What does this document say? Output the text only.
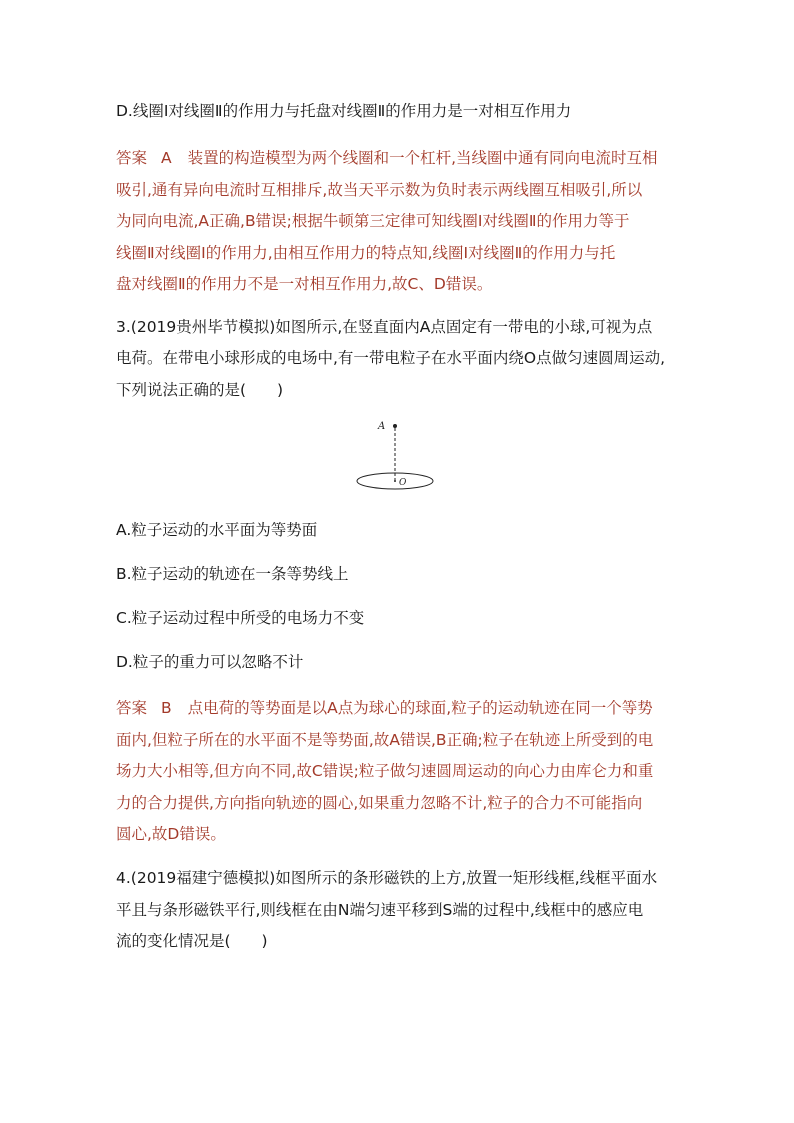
D.线圈Ⅰ对线圈Ⅱ的作用力与托盘对线圈Ⅱ的作用力是一对相互作用力
答案 A 装置的构造模型为两个线圈和一个杠杆,当线圈中通有同向电流时互相
吸引,通有异向电流时互相排斥,故当天平示数为负时表示两线圈互相吸引,所以
为同向电流,A正确,B错误;根据牛顿第三定律可知线圈Ⅰ对线圈Ⅱ的作用力等于
线圈Ⅱ对线圈Ⅰ的作用力,由相互作用力的特点知,线圈Ⅰ对线圈Ⅱ的作用力与托
盘对线圈Ⅱ的作用力不是一对相互作用力,故C、D错误。
3.(2019贵州毕节模拟)如图所示,在竖直面内A点固定有一带电的小球,可视为点
电荷。在带电小球形成的电场中,有一带电粒子在水平面内绕O点做匀速圆周运动,
下列说法正确的是(　　)
A
O
A.粒子运动的水平面为等势面
B.粒子运动的轨迹在一条等势线上
C.粒子运动过程中所受的电场力不变
D.粒子的重力可以忽略不计
答案 B 点电荷的等势面是以A点为球心的球面,粒子的运动轨迹在同一个等势
面内,但粒子所在的水平面不是等势面,故A错误,B正确;粒子在轨迹上所受到的电
场力大小相等,但方向不同,故C错误;粒子做匀速圆周运动的向心力由库仑力和重
力的合力提供,方向指向轨迹的圆心,如果重力忽略不计,粒子的合力不可能指向
圆心,故D错误。
4.(2019福建宁德模拟)如图所示的条形磁铁的上方,放置一矩形线框,线框平面水
平且与条形磁铁平行,则线框在由N端匀速平移到S端的过程中,线框中的感应电
流的变化情况是(　　)
